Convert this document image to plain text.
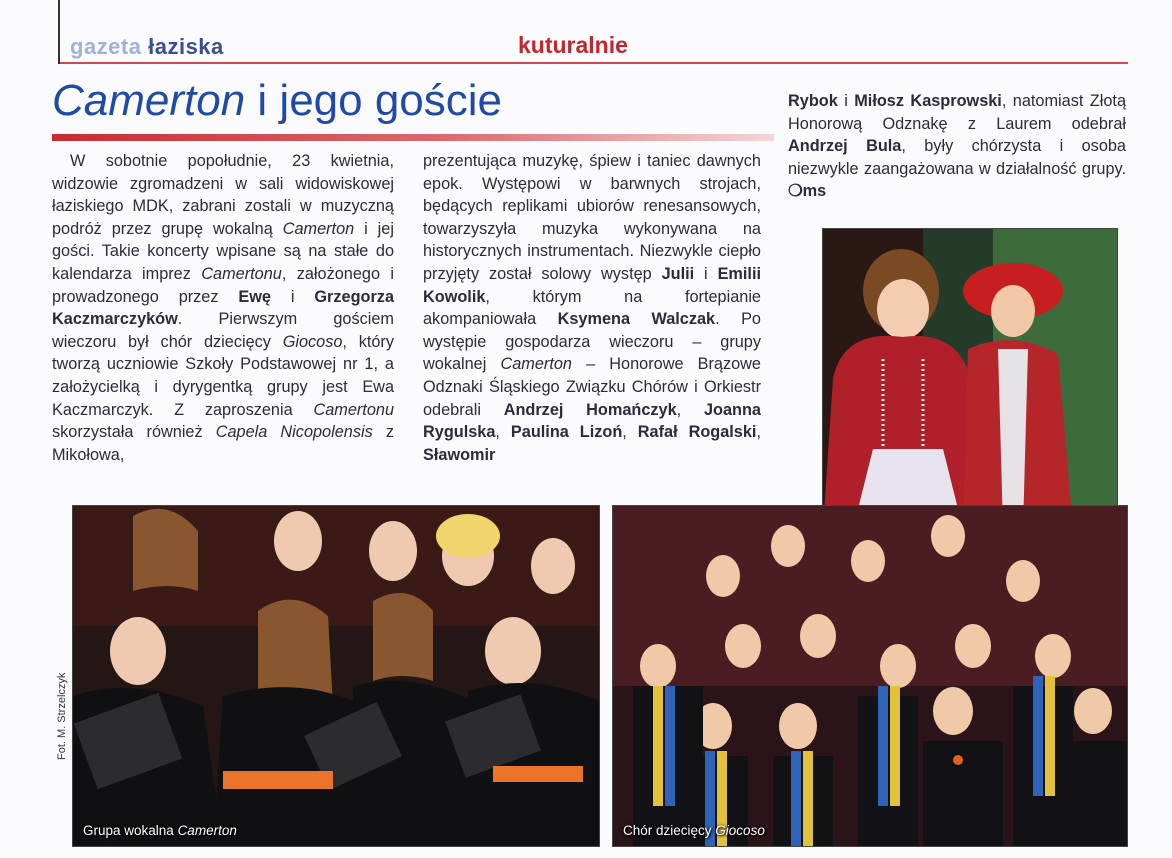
gazeta łaziska	kuturalnie
Camerton i jego goście
W sobotnie popołudnie, 23 kwietnia, widzowie zgromadzeni w sali widowiskowej łaziskiego MDK, zabrani zostali w muzyczną podróż przez grupę wokalną Camerton i jej gości. Takie koncerty wpisane są na stałe do kalendarza imprez Camertonu, założonego i prowadzonego przez Ewę i Grzegorza Kaczmarczyków. Pierwszym gościem wieczoru był chór dziecięcy Giocoso, który tworzą uczniowie Szkoły Podstawowej nr 1, a założycielką i dyrygentką grupy jest Ewa Kaczmarczyk. Z zaproszenia Camertonu skorzystała również Capela Nicopolensis z Mikołowa,
prezentująca muzykę, śpiew i taniec dawnych epok. Występowi w barwnych strojach, będących replikami ubiorów renesansowych, towarzyszyła muzyka wykonywana na historycznych instrumentach. Niezwykle ciepło przyjęty został solowy występ Julii i Emilii Kowolik, którym na fortepianie akompaniowała Ksymena Walczak. Po występie gospodarza wieczoru – grupy wokalnej Camerton – Honorowe Brązowe Odznaki Śląskiego Związku Chórów i Orkiestr odebrali Andrzej Homańczyk, Joanna Rygulska, Paulina Lizoń, Rafał Rogalski, Sławomir
Rybok i Miłosz Kasprowski, natomiast Złotą Honorową Odznakę z Laurem odebrał Andrzej Bula, były chórzysta i osoba niezwykle zaangażowana w działalność grupy. ❍ms
Grupa wokalna Camerton
Fot. M. Strzelczyk
Chór dziecięcy Giocoso
